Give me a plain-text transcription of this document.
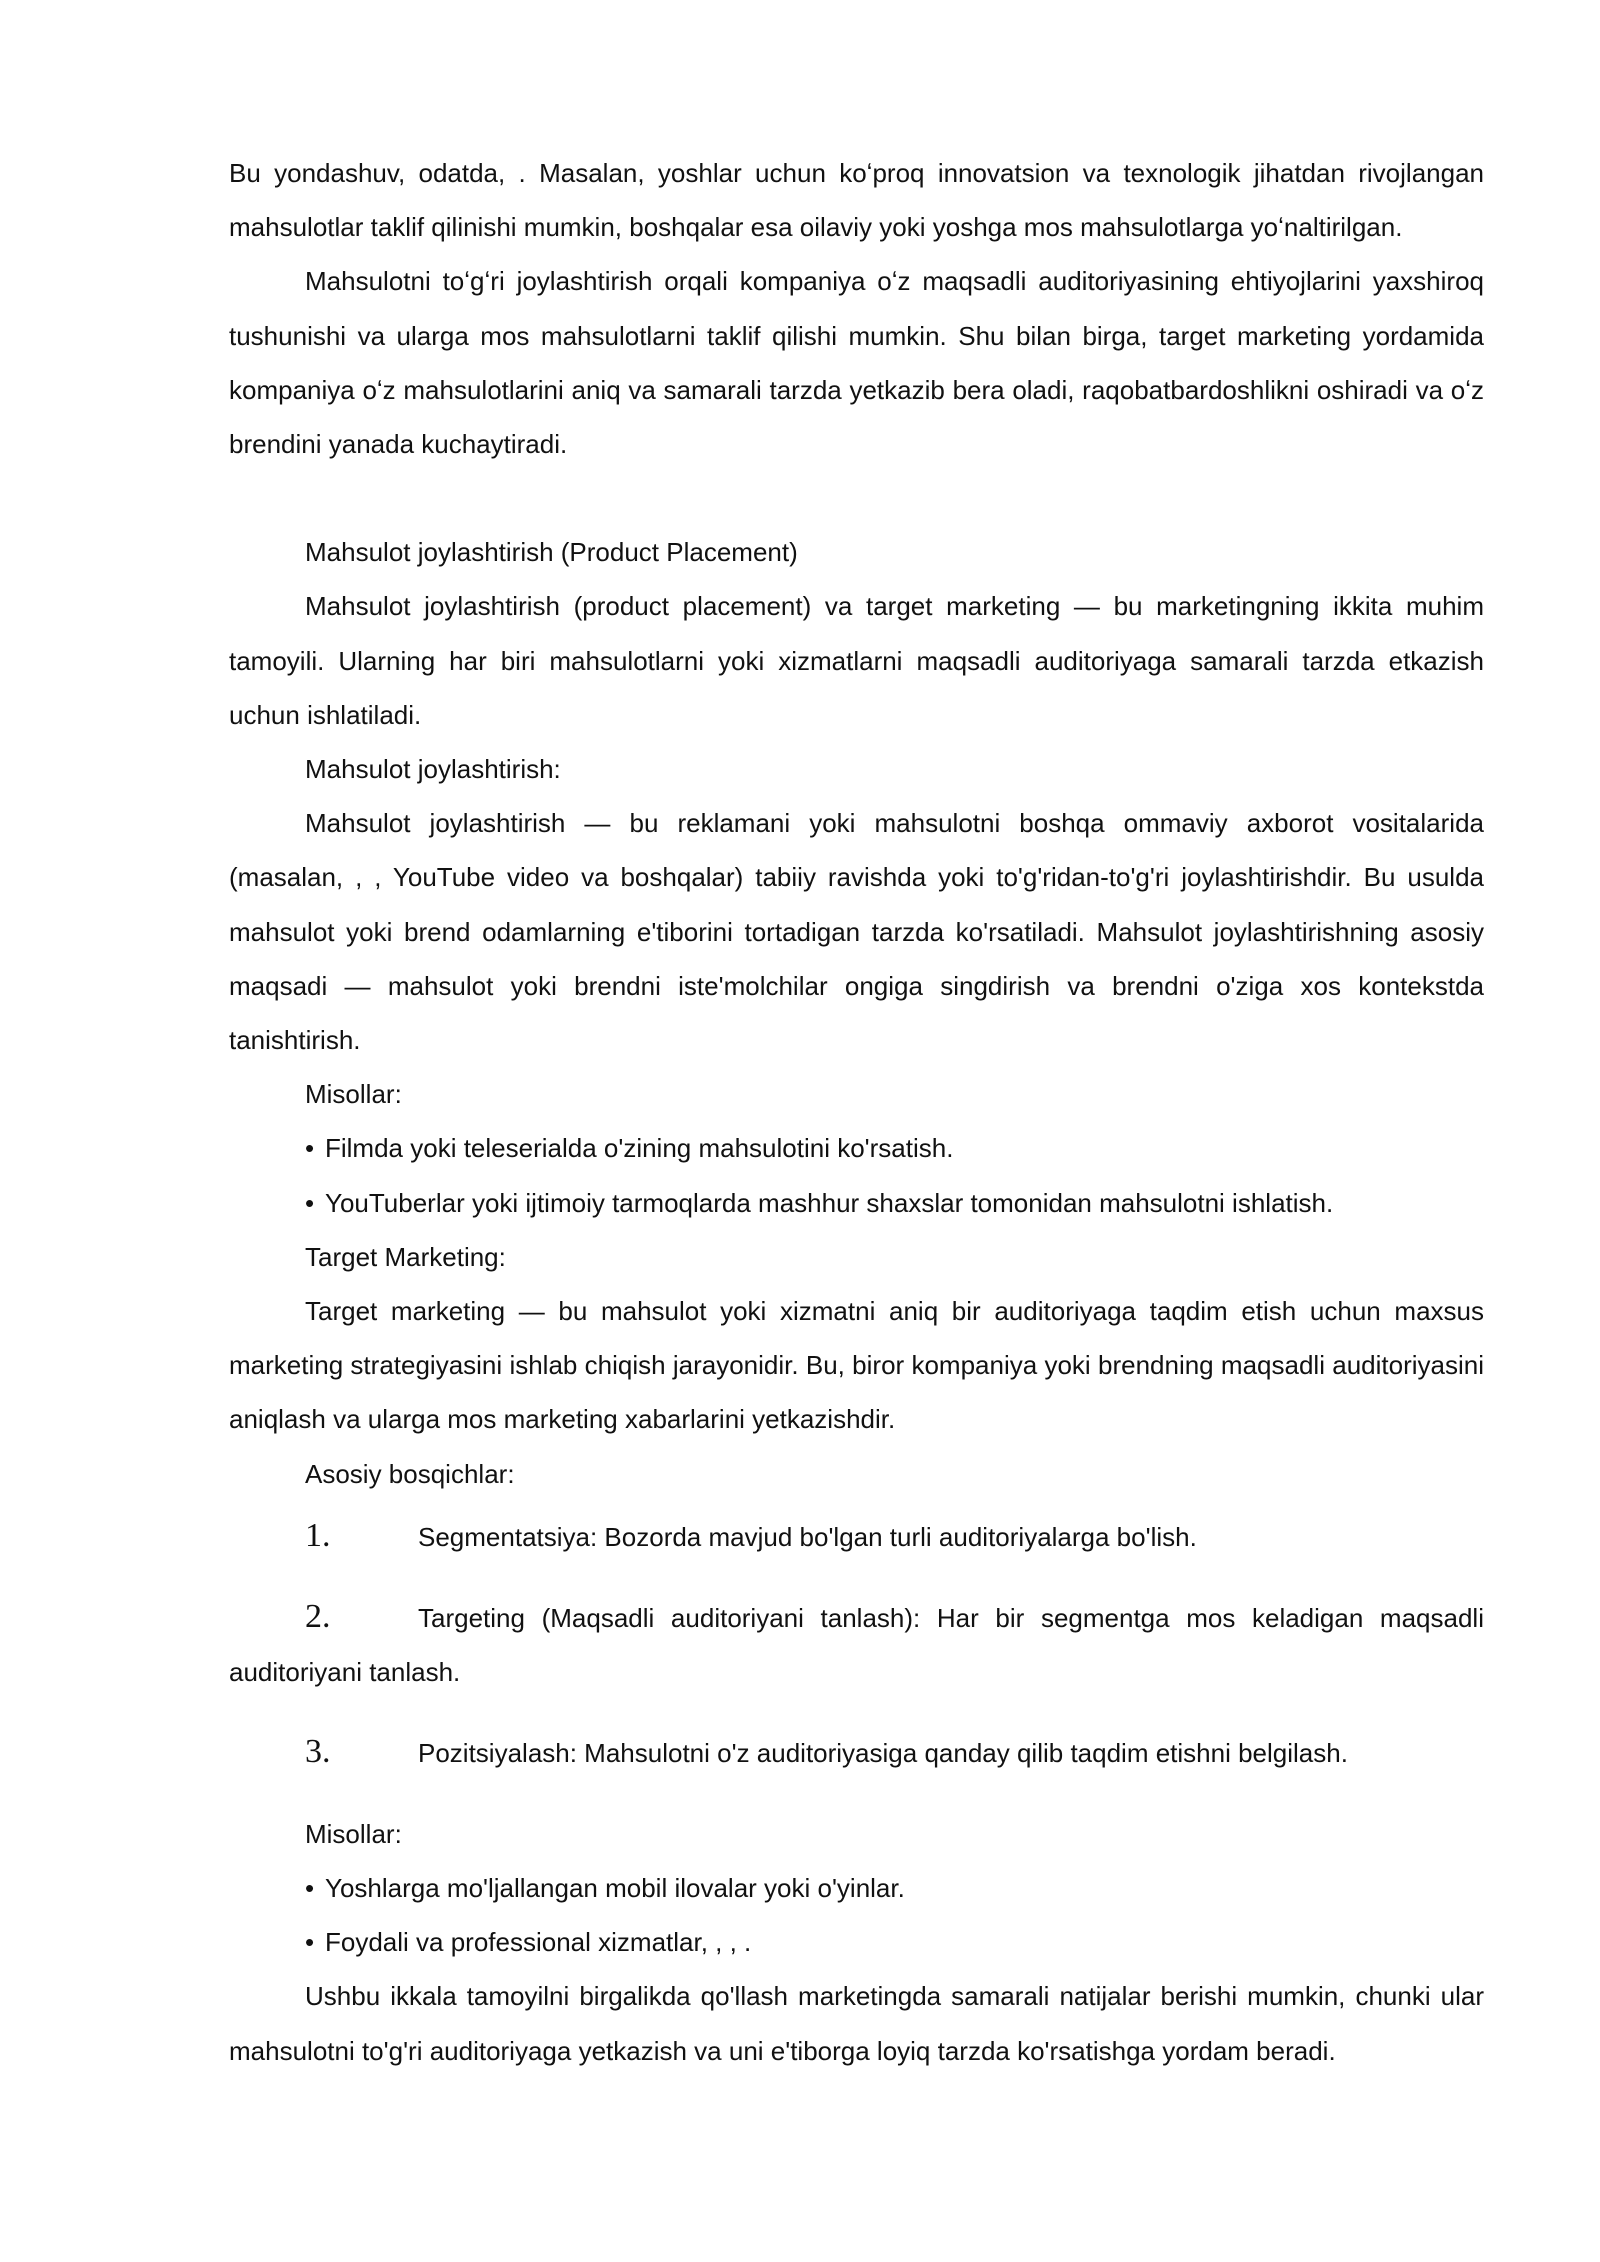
Bu yondashuv, odatda, . Masalan, yoshlar uchun koʻproq innovatsion va texnologik jihatdan rivojlangan mahsulotlar taklif qilinishi mumkin, boshqalar esa oilaviy yoki yoshga mos mahsulotlarga yoʻnaltirilgan.

Mahsulotni toʻgʻri joylashtirish orqali kompaniya oʻz maqsadli auditoriyasining ehtiyojlarini yaxshiroq tushunishi va ularga mos mahsulotlarni taklif qilishi mumkin. Shu bilan birga, target marketing yordamida kompaniya oʻz mahsulotlarini aniq va samarali tarzda yetkazib bera oladi, raqobatbardoshlikni oshiradi va oʻz brendini yanada kuchaytiradi.

Mahsulot joylashtirish (Product Placement)

Mahsulot joylashtirish (product placement) va target marketing — bu marketingning ikkita muhim tamoyili. Ularning har biri mahsulotlarni yoki xizmatlarni maqsadli auditoriyaga samarali tarzda etkazish uchun ishlatiladi.

Mahsulot joylashtirish:

Mahsulot joylashtirish — bu reklamani yoki mahsulotni boshqa ommaviy axborot vositalarida (masalan, , , YouTube video va boshqalar) tabiiy ravishda yoki to'g'ridan-to'g'ri joylashtirishdir. Bu usulda mahsulot yoki brend odamlarning e'tiborini tortadigan tarzda ko'rsatiladi. Mahsulot joylashtirishning asosiy maqsadi — mahsulot yoki brendni iste'molchilar ongiga singdirish va brendni o'ziga xos kontekstda tanishtirish.

Misollar:

• Filmda yoki teleserialda o'zining mahsulotini ko'rsatish.
• YouTuberlar yoki ijtimoiy tarmoqlarda mashhur shaxslar tomonidan mahsulotni ishlatish.

Target Marketing:

Target marketing — bu mahsulot yoki xizmatni aniq bir auditoriyaga taqdim etish uchun maxsus marketing strategiyasini ishlab chiqish jarayonidir. Bu, biror kompaniya yoki brendning maqsadli auditoriyasini aniqlash va ularga mos marketing xabarlarini yetkazishdir.

Asosiy bosqichlar:

1.	Segmentatsiya: Bozorda mavjud bo'lgan turli auditoriyalarga bo'lish.

2.	Targeting (Maqsadli auditoriyani tanlash): Har bir segmentga mos keladigan maqsadli auditoriyani tanlash.

3.	Pozitsiyalash: Mahsulotni o'z auditoriyasiga qanday qilib taqdim etishni belgilash.

Misollar:

• Yoshlarga mo'ljallangan mobil ilovalar yoki o'yinlar.
• Foydali va professional xizmatlar, , , .

Ushbu ikkala tamoyilni birgalikda qo'llash marketingda samarali natijalar berishi mumkin, chunki ular mahsulotni to'g'ri auditoriyaga yetkazish va uni e'tiborga loyiq tarzda ko'rsatishga yordam beradi.
